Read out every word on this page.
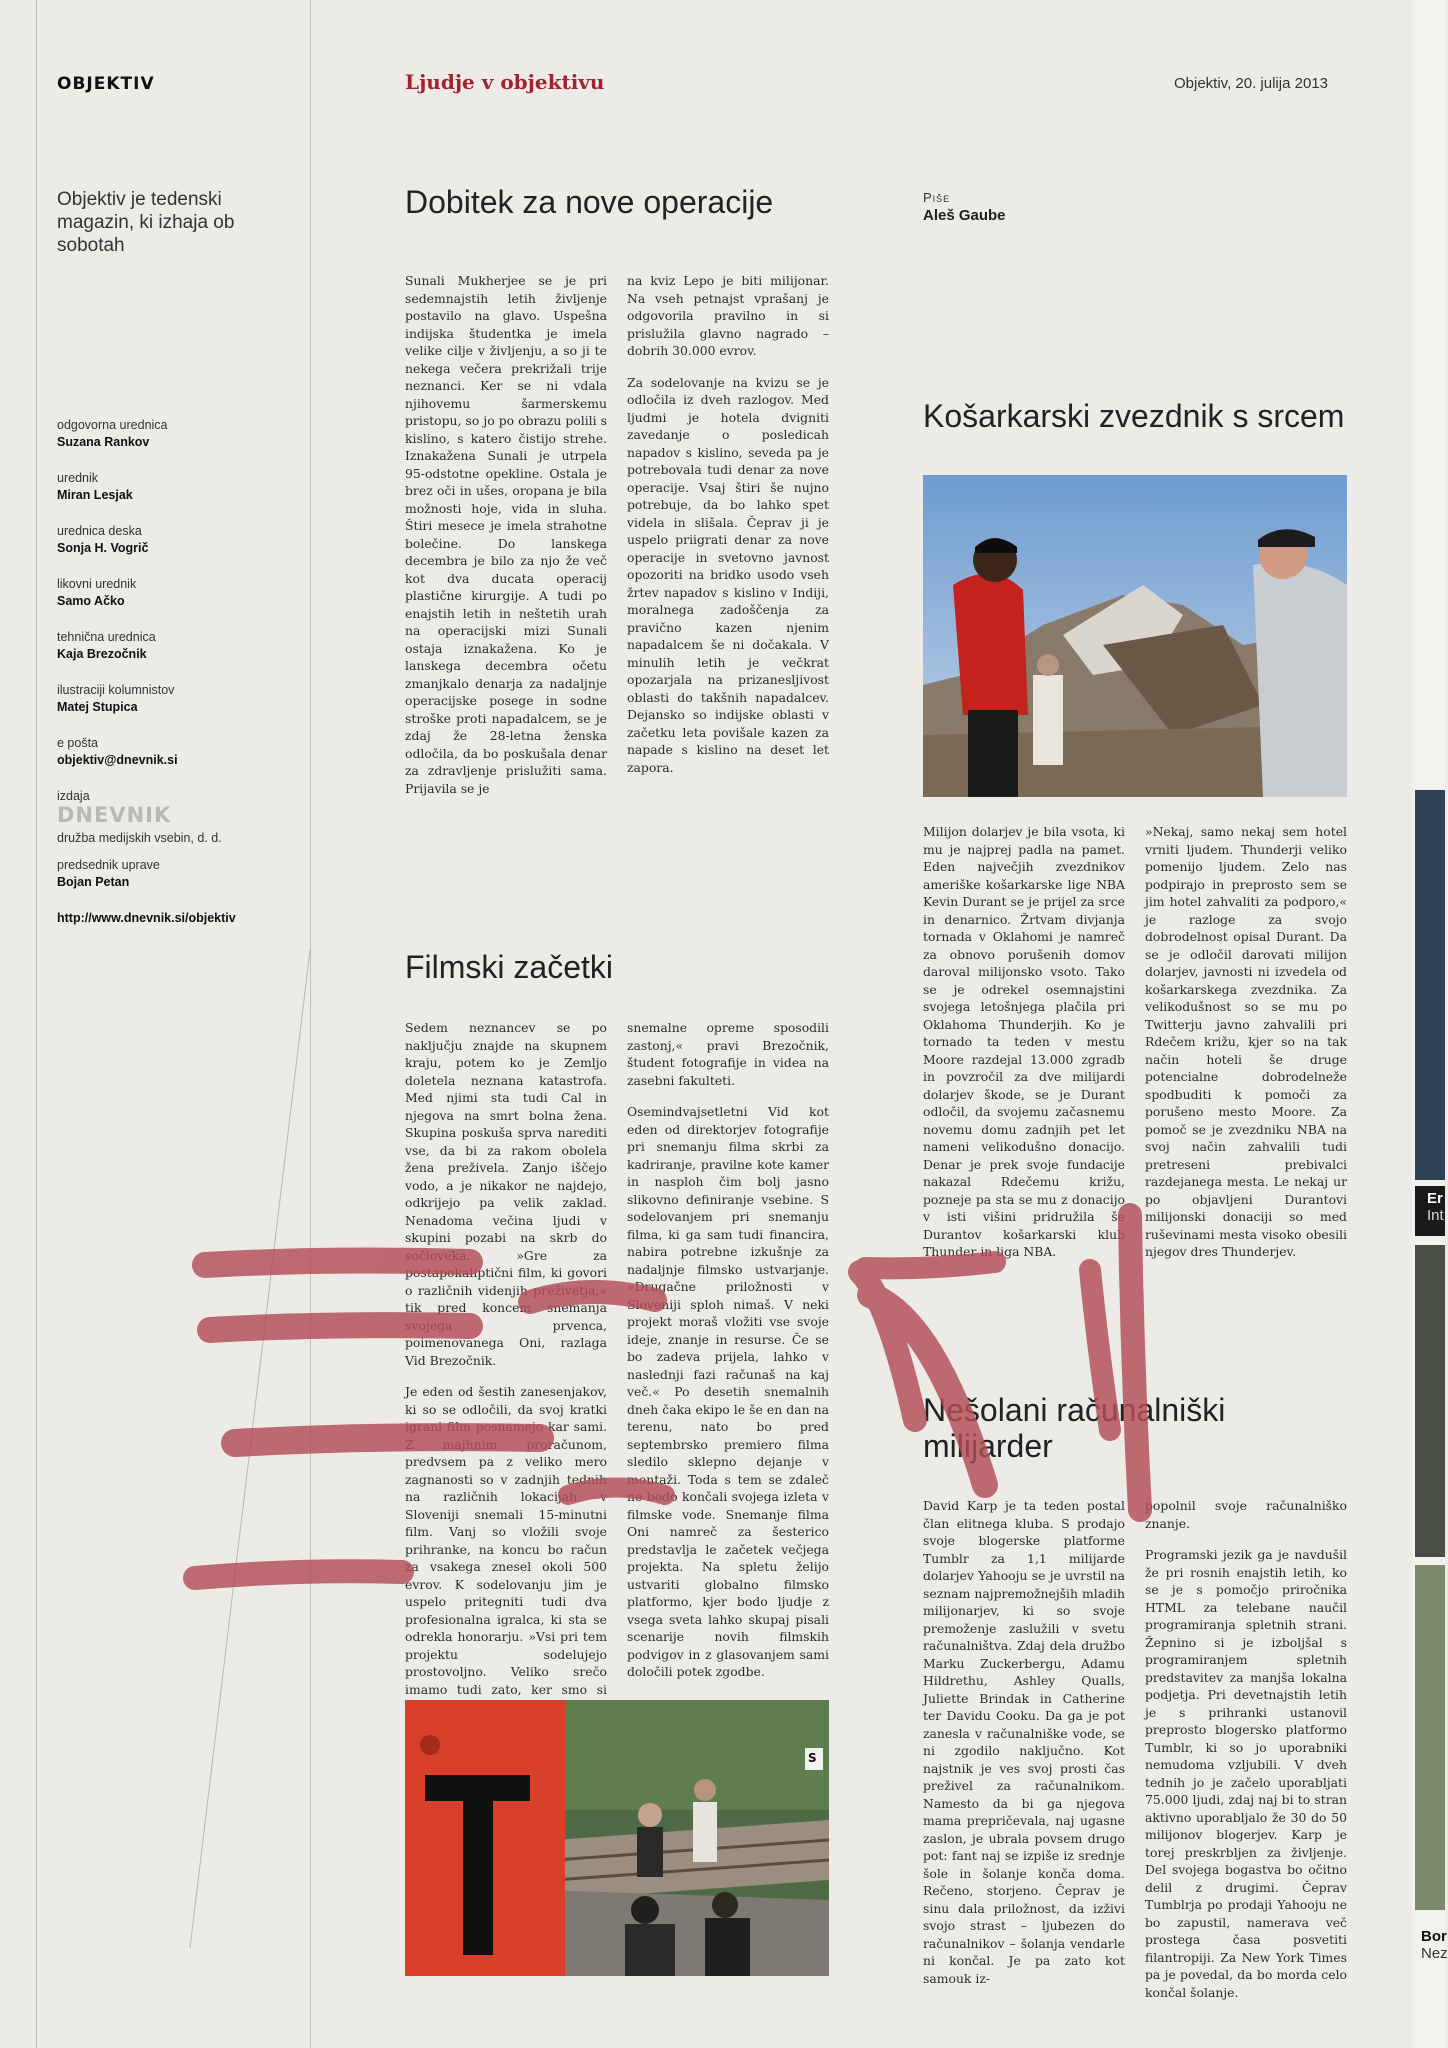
OBJEKTIV	Ljudje v objektivu	Objektiv, 20. julija 2013
Objektiv je tedenski magazin, ki izhaja ob sobotah
odgovorna urednica
Suzana Rankov
urednik
Miran Lesjak
urednica deska
Sonja H. Vogrič
likovni urednik
Samo Ačko
tehnična urednica
Kaja Brezočnik
ilustraciji kolumnistov
Matej Stupica
e pošta
objektiv@dnevnik.si
izdaja
DNEVNIK
družba medijskih vsebin, d. d.
predsednik uprave
Bojan Petan
http://www.dnevnik.si/objektiv
Dobitek za nove operacije	Piše
Aleš Gaube

Sunali Mukherjee se je pri sedemnajstih letih življenje postavilo na glavo. Uspešna indijska študentka je imela velike cilje v življenju, a so ji te nekega večera prekrižali trije neznanci. Ker se ni vdala njihovemu šarmerskemu pristopu, so jo po obrazu polili s kislino, s katero čistijo strehe. Iznakažena Sunali je utrpela 95-odstotne opekline. Ostala je brez oči in ušes, oropana je bila možnosti hoje, vida in sluha. Štiri mesece je imela strahotne bolečine. Do lanskega decembra je bilo za njo že več kot dva ducata operacij plastične kirurgije. A tudi po enajstih letih in neštetih urah na operacijski mizi Sunali ostaja iznakažena. Ko je lanskega decembra očetu zmanjkalo denarja za nadaljnje operacijske posege in sodne stroške proti napadalcem, se je zdaj že 28-letna ženska odločila, da bo poskušala denar za zdravljenje prislužiti sama. Prijavila se je

na kviz Lepo je biti milijonar. Na vseh petnajst vprašanj je odgovorila pravilno in si prislužila glavno nagrado – dobrih 30.000 evrov.

Za sodelovanje na kvizu se je odločila iz dveh razlogov. Med ljudmi je hotela dvigniti zavedanje o posledicah napadov s kislino, seveda pa je potrebovala tudi denar za nove operacije. Vsaj štiri še nujno potrebuje, da bo lahko spet videla in slišala. Čeprav ji je uspelo priigrati denar za nove operacije in svetovno javnost opozoriti na bridko usodo vseh žrtev napadov s kislino v Indiji, moralnega zadoščenja za pravično kazen njenim napadalcem še ni dočakala. V minulih letih je večkrat opozarjala na prizaneslјivost oblasti do takšnih napadalcev. Dejansko so indijske oblasti v začetku leta povišale kazen za napade s kislino na deset let zapora.

Košarkarski zvezdnik s srcem

Milijon dolarjev je bila vsota, ki mu je najprej padla na pamet. Eden največjih zvezdnikov ameriške košarkarske lige NBA Kevin Durant se je prijel za srce in denarnico. Žrtvam divjanja tornada v Oklahomi je namreč za obnovo porušenih domov daroval milijonsko vsoto. Tako se je odrekel osemnajstini svojega letošnjega plačila pri Oklahoma Thunderjih. Ko je tornado ta teden v mestu Moore razdejal 13.000 zgradb in povzročil za dve milijardi dolarjev škode, se je Durant odločil, da svojemu začasnemu novemu domu zadnjih pet let nameni velikodušno donacijo. Denar je prek svoje fundacije nakazal Rdečemu križu, pozneje pa sta se mu z donacijo v isti višini pridružila še Durantov košarkarski klub Thunder in liga NBA.

»Nekaj, samo nekaj sem hotel vrniti ljudem. Thunderji veliko pomenijo ljudem. Zelo nas podpirajo in preprosto sem se jim hotel zahvaliti za podporo,« je razloge za svojo dobrodelnost opisal Durant. Da se je odločil darovati milijon dolarjev, javnosti ni izvedela od košarkarskega zvezdnika. Za velikodušnost so se mu po Twitterju javno zahvalili pri Rdečem križu, kjer so na tak način hoteli še druge potencialne dobrodelneže spodbuditi k pomoči za porušeno mesto Moore. Za pomoč se je zvezdniku NBA na svoj način zahvalili tudi pretreseni prebivalci razdejanega mesta. Le nekaj ur po objavljeni Durantovi milijonski donaciji so med ruševinami mesta visoko obesili njegov dres Thunderjev.

Filmski začetki

Sedem neznancev se po naključju znajde na skupnem kraju, potem ko je Zemljo doletela neznana katastrofa. Med njimi sta tudi Cal in njegova na smrt bolna žena. Skupina poskuša sprva narediti vse, da bi za rakom obolela žena preživela. Zanjo iščejo vodo, a je nikakor ne najdejo, odkrijejo pa velik zaklad. Nenadoma večina ljudi v skupini pozabi na skrb do sočloveka. »Gre za postapokaliptični film, ki govori o različnih videnjih preživetja,« tik pred koncem snemanja svojega prvenca, poimenovanega Oni, razlaga Vid Brezočnik.

Je eden od šestih zanesenjakov, ki so se odločili, da svoj kratki igrani film posnamejo kar sami. Z majhnim proračunom, predvsem pa z veliko mero zagnanosti so v zadnjih tednih na različnih lokacijah v Sloveniji snemali 15-minutni film. Vanj so vložili svoje prihranke, na koncu bo račun za vsakega znesel okoli 500 evrov. K sodelovanju jim je uspelo pritegniti tudi dva profesionalna igralca, ki sta se odrekla honorarju. »Vsi pri tem projektu sodelujejo prostovoljno. Veliko srečo imamo tudi zato, ker smo si

snemalne opreme sposodili zastonj,« pravi Brezočnik, študent fotografije in videa na zasebni fakulteti.

Osemindvajsetletni Vid kot eden od direktorjev fotografije pri snemanju filma skrbi za kadriranje, pravilne kote kamer in nasploh čim bolj jasno slikovno definiranje vsebine. S sodelovanjem pri snemanju filma, ki ga sam tudi financira, nabira potrebne izkušnje za nadaljnje filmsko ustvarjanje. »Drugačne priložnosti v Sloveniji sploh nimaš. V neki projekt moraš vložiti vse svoje ideje, znanje in resurse. Če se bo zadeva prijela, lahko v naslednji fazi računaš na kaj več.« Po desetih snemalnih dneh čaka ekipo le še en dan na terenu, nato bo pred septembrsko premiero filma sledilo sklepno dejanje v montaži. Toda s tem se zdaleč ne bodo končali svojega izleta v filmske vode. Snemanje filma Oni namreč za šesterico predstavlja le začetek večjega projekta. Na spletu želijo ustvariti globalno filmsko platformo, kjer bodo ljudje z vsega sveta lahko skupaj pisali scenarije novih filmskih podvigov in z glasovanjem sami določili potek zgodbe.

S
Nešolani računalniški
milijarder

David Karp je ta teden postal član elitnega kluba. S prodajo svoje blogerske platforme Tumblr za 1,1 milijarde dolarjev Yahooju se je uvrstil na seznam najpremožnejših mladih milijonarjev, ki so svoje premoženje zaslužili v svetu računalništva. Zdaj dela družbo Marku Zuckerbergu, Adamu Hildrethu, Ashley Qualls, Juliette Brindak in Catherine ter Davidu Cooku. Da ga je pot zanesla v računalniške vode, se ni zgodilo naključno. Kot najstnik je ves svoj prosti čas preživel za računalnikom. Namesto da bi ga njegova mama prepričevala, naj ugasne zaslon, je ubrala povsem drugo pot: fant naj se izpiše iz srednje šole in šolanje konča doma. Rečeno, storjeno. Čeprav je sinu dala priložnost, da izživi svojo strast – ljubezen do računalnikov – šolanja vendarle ni končal. Je pa zato kot samouk iz-

popolnil svoje računalniško znanje.

Programski jezik ga je navdušil že pri rosnih enajstih letih, ko se je s pomočjo priročnika HTML za telebane naučil programiranja spletnih strani. Žepnino si je izboljšal s programiranjem spletnih predstavitev za manjša lokalna podjetja. Pri devetnajstih letih je s prihranki ustanovil preprosto blogersko platformo Tumblr, ki so jo uporabniki nemudoma vzljubili. V dveh tednih jo je začelo uporabljati 75.000 ljudi, zdaj naj bi to stran aktivno uporabljalo že 30 do 50 milijonov blogerjev. Karp je torej preskrbljen za življenje. Del svojega bogastva bo očitno delil z drugimi. Čeprav Tumblrja po prodaji Yahooju ne bo zapustil, namerava več prostega časa posvetiti filantropiji. Za New York Times pa je povedal, da bo morda celo končal šolanje.

Er
Int
Bor
Nez
